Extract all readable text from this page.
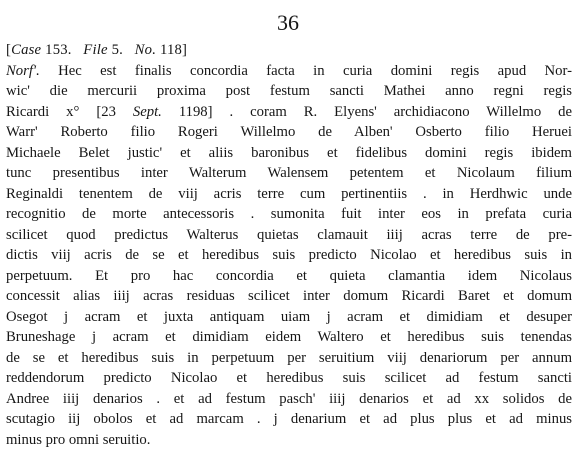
36
[Case 153. File 5. No. 118]
Norf'. Hec est finalis concordia facta in curia domini regis apud Nor-
wic' die mercurii proxima post festum sancti Mathei anno regni regis
Ricardi x° [23 Sept. 1198] . coram R. Elyens' archidiacono Willelmo de
Warr' Roberto filio Rogeri Willelmo de Alben' Osberto filio Heruei
Michaele Belet justic' et aliis baronibus et fidelibus domini regis ibidem
tunc presentibus inter Walterum Walensem petentem et Nicolaum filium
Reginaldi tenentem de viij acris terre cum pertinentiis . in Herdhwic unde
recognitio de morte antecessoris . sumonita fuit inter eos in prefata curia
scilicet quod predictus Walterus quietas clamauit iiij acras terre de pre-
dictis viij acris de se et heredibus suis predicto Nicolao et heredibus suis in
perpetuum. Et pro hac concordia et quieta clamantia idem Nicolaus
concessit alias iiij acras residuas scilicet inter domum Ricardi Baret et domum
Osegot j acram et juxta antiquam uiam j acram et dimidiam et desuper
Bruneshage j acram et dimidiam eidem Waltero et heredibus suis tenendas
de se et heredibus suis in perpetuum per seruitium viij denariorum per annum
reddendorum predicto Nicolao et heredibus suis scilicet ad festum sancti
Andree iiij denarios . et ad festum pasch' iiij denarios et ad xx solidos de
scutagio iij obolos et ad marcam . j denarium et ad plus plus et ad minus
minus pro omni seruitio.
